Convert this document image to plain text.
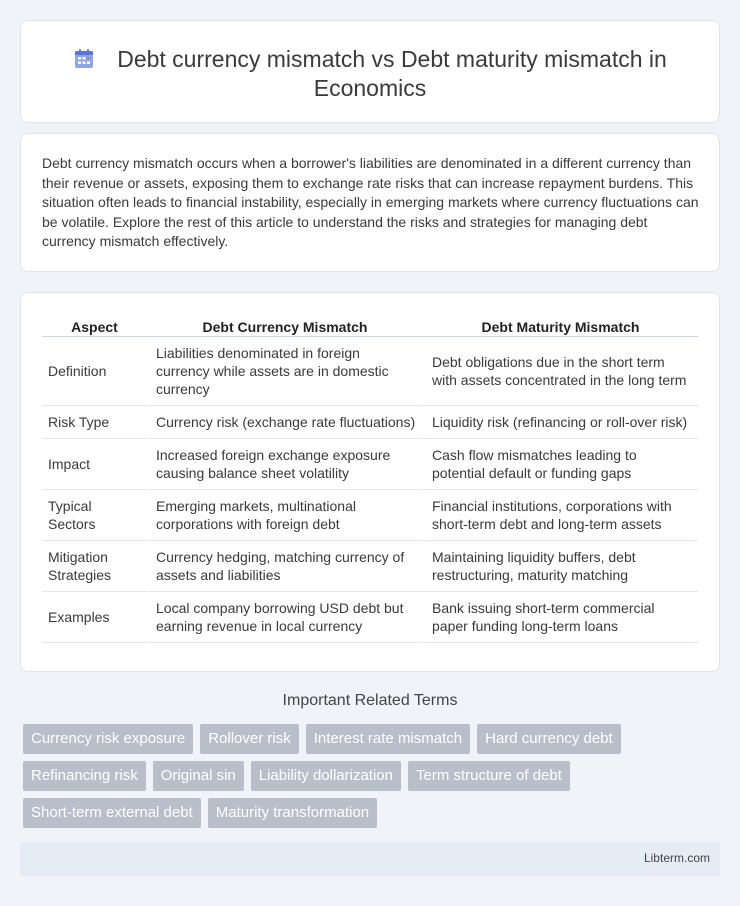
Debt currency mismatch vs Debt maturity mismatch in Economics

Debt currency mismatch occurs when a borrower's liabilities are denominated in a different currency than their revenue or assets, exposing them to exchange rate risks that can increase repayment burdens. This situation often leads to financial instability, especially in emerging markets where currency fluctuations can be volatile. Explore the rest of this article to understand the risks and strategies for managing debt currency mismatch effectively.

Aspect	Debt Currency Mismatch	Debt Maturity Mismatch
Definition	Liabilities denominated in foreign currency while assets are in domestic currency	Debt obligations due in the short term with assets concentrated in the long term
Risk Type	Currency risk (exchange rate fluctuations)	Liquidity risk (refinancing or roll-over risk)
Impact	Increased foreign exchange exposure causing balance sheet volatility	Cash flow mismatches leading to potential default or funding gaps
Typical Sectors	Emerging markets, multinational corporations with foreign debt	Financial institutions, corporations with short-term debt and long-term assets
Mitigation Strategies	Currency hedging, matching currency of assets and liabilities	Maintaining liquidity buffers, debt restructuring, maturity matching
Examples	Local company borrowing USD debt but earning revenue in local currency	Bank issuing short-term commercial paper funding long-term loans
Important Related Terms
Currency risk exposure	Rollover risk	Interest rate mismatch	Hard currency debt
Refinancing risk	Original sin	Liability dollarization	Term structure of debt
Short-term external debt	Maturity transformation
Libterm.com
